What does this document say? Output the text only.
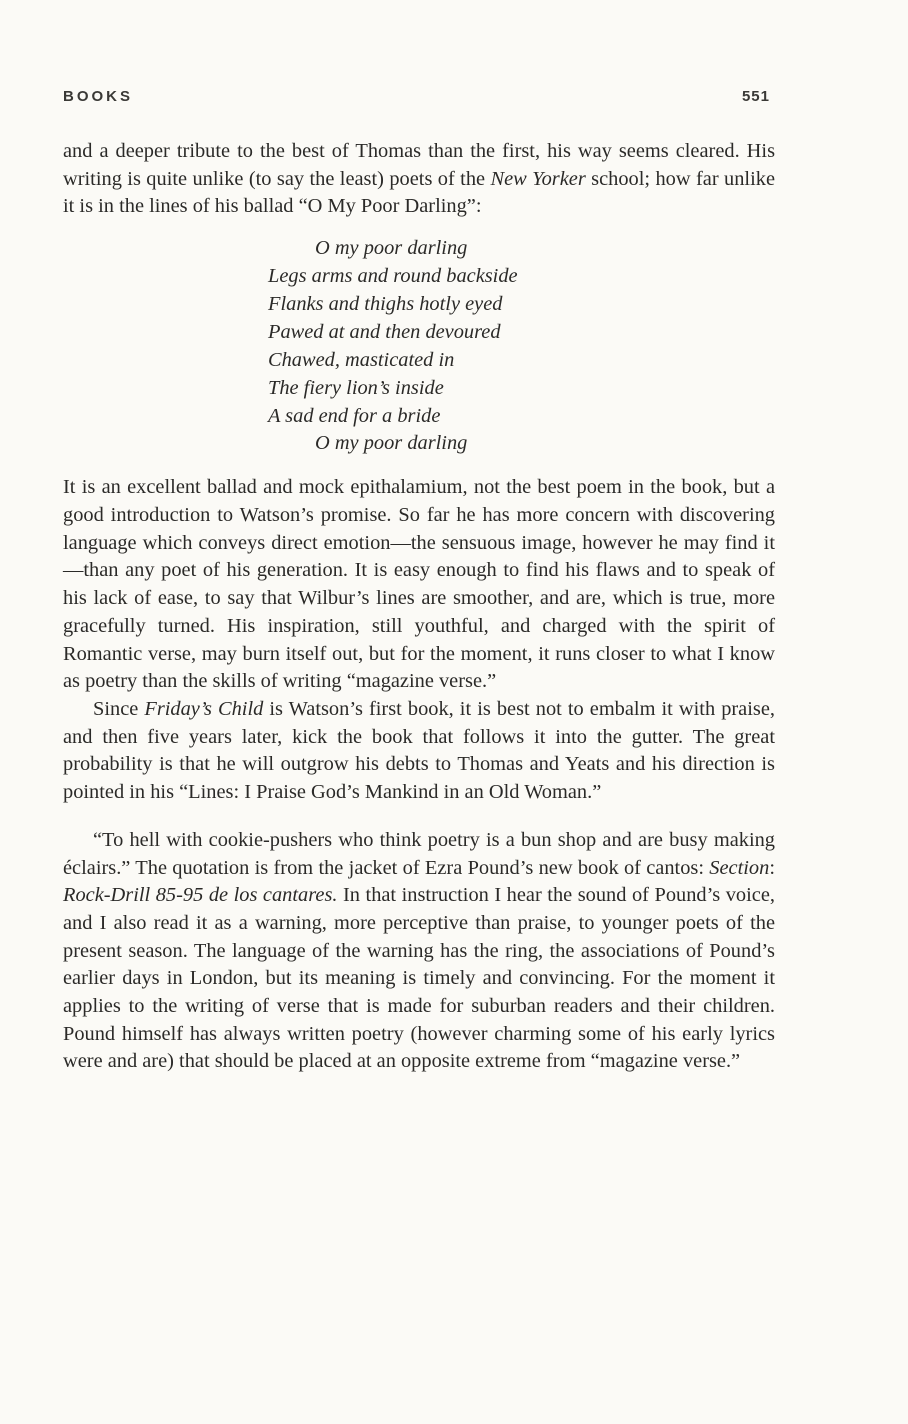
BOOKS	551

and a deeper tribute to the best of Thomas than the first, his way seems cleared. His writing is quite unlike (to say the least) poets of the New Yorker school; how far unlike it is in the lines of his ballad “O My Poor Darling”:

O my poor darling
Legs arms and round backside
Flanks and thighs hotly eyed
Pawed at and then devoured
Chawed, masticated in
The fiery lion’s inside
A sad end for a bride
O my poor darling

It is an excellent ballad and mock epithalamium, not the best poem in the book, but a good introduction to Watson’s promise. So far he has more concern with discovering language which conveys direct emotion—the sensuous image, however he may find it—than any poet of his generation. It is easy enough to find his flaws and to speak of his lack of ease, to say that Wilbur’s lines are smoother, and are, which is true, more gracefully turned. His inspiration, still youthful, and charged with the spirit of Romantic verse, may burn itself out, but for the moment, it runs closer to what I know as poetry than the skills of writing “magazine verse.”

Since Friday’s Child is Watson’s first book, it is best not to embalm it with praise, and then five years later, kick the book that follows it into the gutter. The great probability is that he will outgrow his debts to Thomas and Yeats and his direction is pointed in his “Lines: I Praise God’s Mankind in an Old Woman.”

“To hell with cookie-pushers who think poetry is a bun shop and are busy making éclairs.” The quotation is from the jacket of Ezra Pound’s new book of cantos: Section: Rock-Drill 85-95 de los cantares. In that instruction I hear the sound of Pound’s voice, and I also read it as a warning, more perceptive than praise, to younger poets of the present season. The language of the warning has the ring, the associations of Pound’s earlier days in London, but its meaning is timely and convincing. For the moment it applies to the writing of verse that is made for suburban readers and their children. Pound himself has always written poetry (however charming some of his early lyrics were and are) that should be placed at an opposite extreme from “magazine verse.”
